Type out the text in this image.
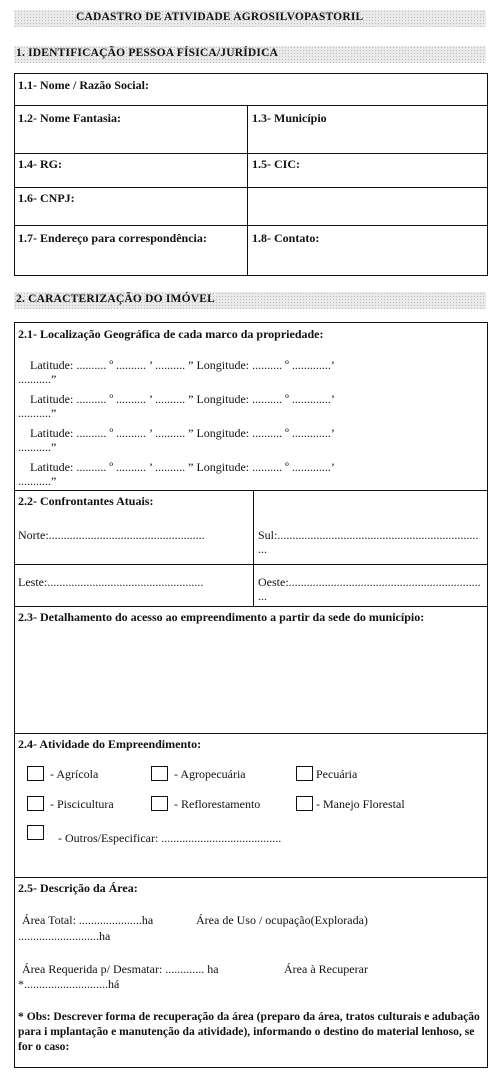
CADASTRO DE ATIVIDADE AGROSILVOPASTORIL
1. IDENTIFICAÇÃO PESSOA FÍSICA/JURÍDICA
1.1- Nome / Razão Social:
1.2- Nome Fantasia:	1.3- Município
1.4- RG:	1.5- CIC:
1.6- CNPJ:
1.7- Endereço para correspondência:	1.8- Contato:
2. CARACTERIZAÇÃO DO IMÓVEL
2.1- Localização Geográfica de cada marco da propriedade:
Latitude: .......... º .......... ’ .......... ” Longitude: .......... º .............’
...........”
Latitude: .......... º .......... ’ .......... ” Longitude: .......... º .............’
...........”
Latitude: .......... º .......... ’ .......... ” Longitude: .......... º .............’
...........”
Latitude: .......... º .......... ’ .......... ” Longitude: .......... º .............’
...........”
2.2- Confrontantes Atuais:
Norte:....................................................	Sul:...................................................................
...
Leste:....................................................	Oeste:................................................................
...
2.3- Detalhamento do acesso ao empreendimento a partir da sede do município:
2.4- Atividade do Empreendimento:
- Agrícola	- Agropecuária	Pecuária
- Piscicultura	- Reflorestamento	- Manejo Florestal
- Outros/Especificar: ........................................
2.5- Descrição da Área:
Área Total: .....................ha	Área de Uso / ocupação(Explorada)
...........................ha
Área Requerida p/ Desmatar: ............. ha	Área à Recuperar
*............................há
* Obs: Descrever forma de recuperação da área (preparo da área, tratos culturais e adubação para i mplantação e manutenção da atividade), informando o destino do material lenhoso, se for o caso:
